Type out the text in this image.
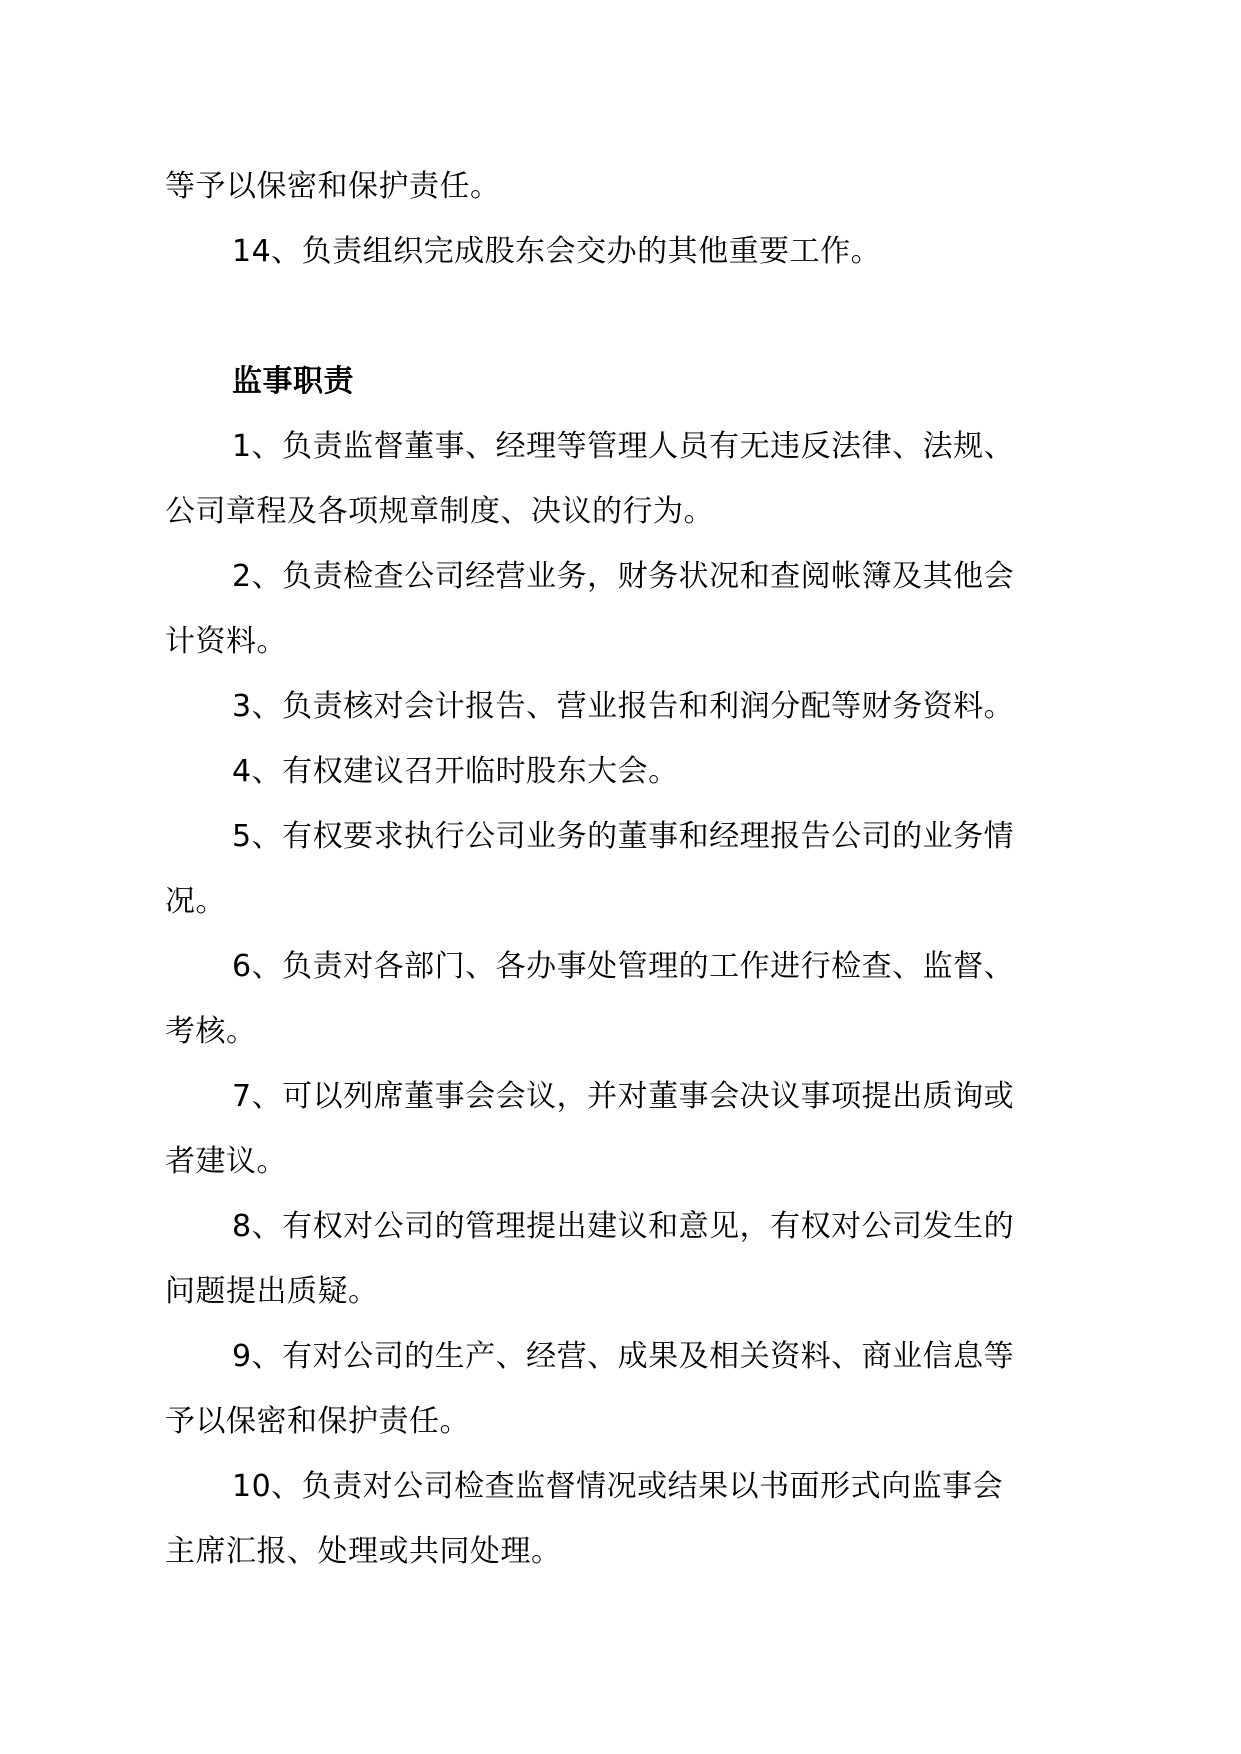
等予以保密和保护责任。
14、负责组织完成股东会交办的其他重要工作。
监事职责
1、负责监督董事、经理等管理人员有无违反法律、法规、
公司章程及各项规章制度、决议的行为。
2、负责检查公司经营业务，财务状况和查阅帐簿及其他会
计资料。
3、负责核对会计报告、营业报告和利润分配等财务资料。
4、有权建议召开临时股东大会。
5、有权要求执行公司业务的董事和经理报告公司的业务情
况。
6、负责对各部门、各办事处管理的工作进行检查、监督、
考核。
7、可以列席董事会会议，并对董事会决议事项提出质询或
者建议。
8、有权对公司的管理提出建议和意见，有权对公司发生的
问题提出质疑。
9、有对公司的生产、经营、成果及相关资料、商业信息等
予以保密和保护责任。
10、负责对公司检查监督情况或结果以书面形式向监事会
主席汇报、处理或共同处理。
